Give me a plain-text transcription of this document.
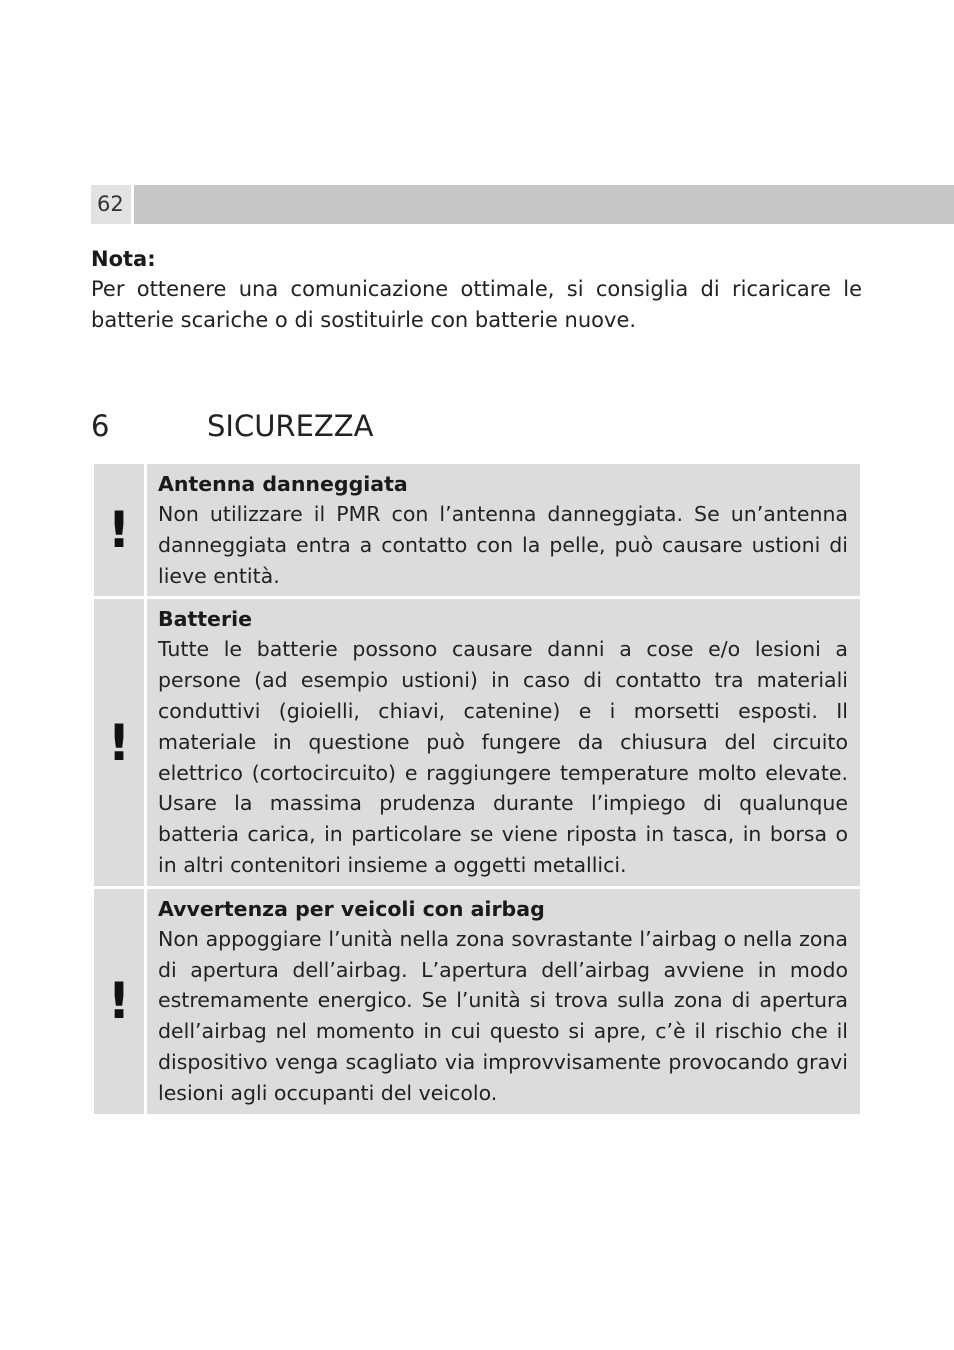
62

Nota:

Per ottenere una comunicazione ottimale, si consiglia di ricaricare le batterie scariche o di sostituirle con batterie nuove.

6	SICUREZZA
!

Antenna danneggiata

Non utilizzare il PMR con l’antenna danneggiata. Se un’antenna danneggiata entra a contatto con la pelle, può causare ustioni di lieve entità.

!

Batterie

Tutte le batterie possono causare danni a cose e/o lesioni a persone (ad esempio ustioni) in caso di contatto tra materiali conduttivi (gioielli, chiavi, catenine) e i morsetti esposti. Il materiale in questione può fungere da chiusura del circuito elettrico (cortocircuito) e raggiungere temperature molto elevate. Usare la massima prudenza durante l’impiego di qualunque batteria carica, in particolare se viene riposta in tasca, in borsa o in altri contenitori insieme a oggetti metallici.

!

Avvertenza per veicoli con airbag

Non appoggiare l’unità nella zona sovrastante l’airbag o nella zona di apertura dell’airbag. L’apertura dell’airbag avviene in modo estremamente energico. Se l’unità si trova sulla zona di apertura dell’airbag nel momento in cui questo si apre, c’è il rischio che il dispositivo venga scagliato via improvvisamente provocando gravi lesioni agli occupanti del veicolo.
